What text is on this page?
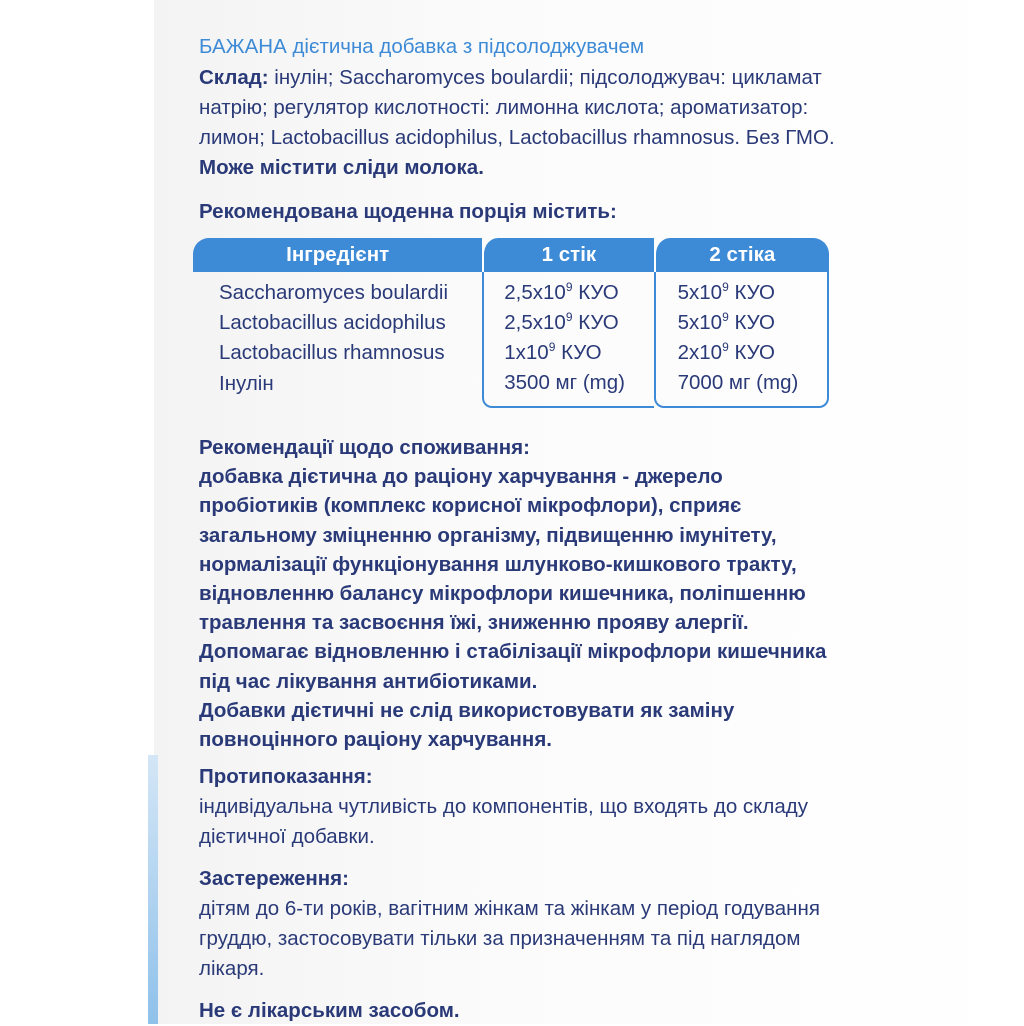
БАЖАНА дієтична добавка з підсолоджувачем

Склад: інулін; Saccharomyces boulardii; підсолоджувач: цикламат натрію; регулятор кислотності: лимонна кислота; ароматизатор: лимон; Lactobacillus acidophilus, Lactobacillus rhamnosus. Без ГМО. Може містити сліди молока.

Рекомендована щоденна порція містить:

Інгредієнт	1 стік	2 стіка
Saccharomyces boulardii	$2,5x10^9$ КУО	$5x10^9$ КУО
Lactobacillus acidophilus	$2,5x10^9$ КУО	$5x10^9$ КУО
Lactobacillus rhamnosus	$1x10^9$ КУО	$2x10^9$ КУО
Інулін	3500 мг (mg)	7000 мг (mg)

Рекомендації щодо споживання:

добавка дієтична до раціону харчування - джерело пробіотиків (комплекс корисної мікрофлори), сприяє загальному зміцненню організму, підвищенню імунітету, нормалізації функціонування шлунково-кишкового тракту, відновленню балансу мікрофлори кишечника, поліпшенню травлення та засвоєння їжі, зниженню прояву алергії.

Допомагає відновленню і стабілізації мікрофлори кишечника під час лікування антибіотиками.

Добавки дієтичні не слід використовувати як заміну повноцінного раціону харчування.

Протипоказання:

індивідуальна чутливість до компонентів, що входять до складу дієтичної добавки.

Застереження:

дітям до 6-ти років, вагітним жінкам та жінкам у період годування груддю, застосовувати тільки за призначенням та під наглядом лікаря.

Не є лікарським засобом.
